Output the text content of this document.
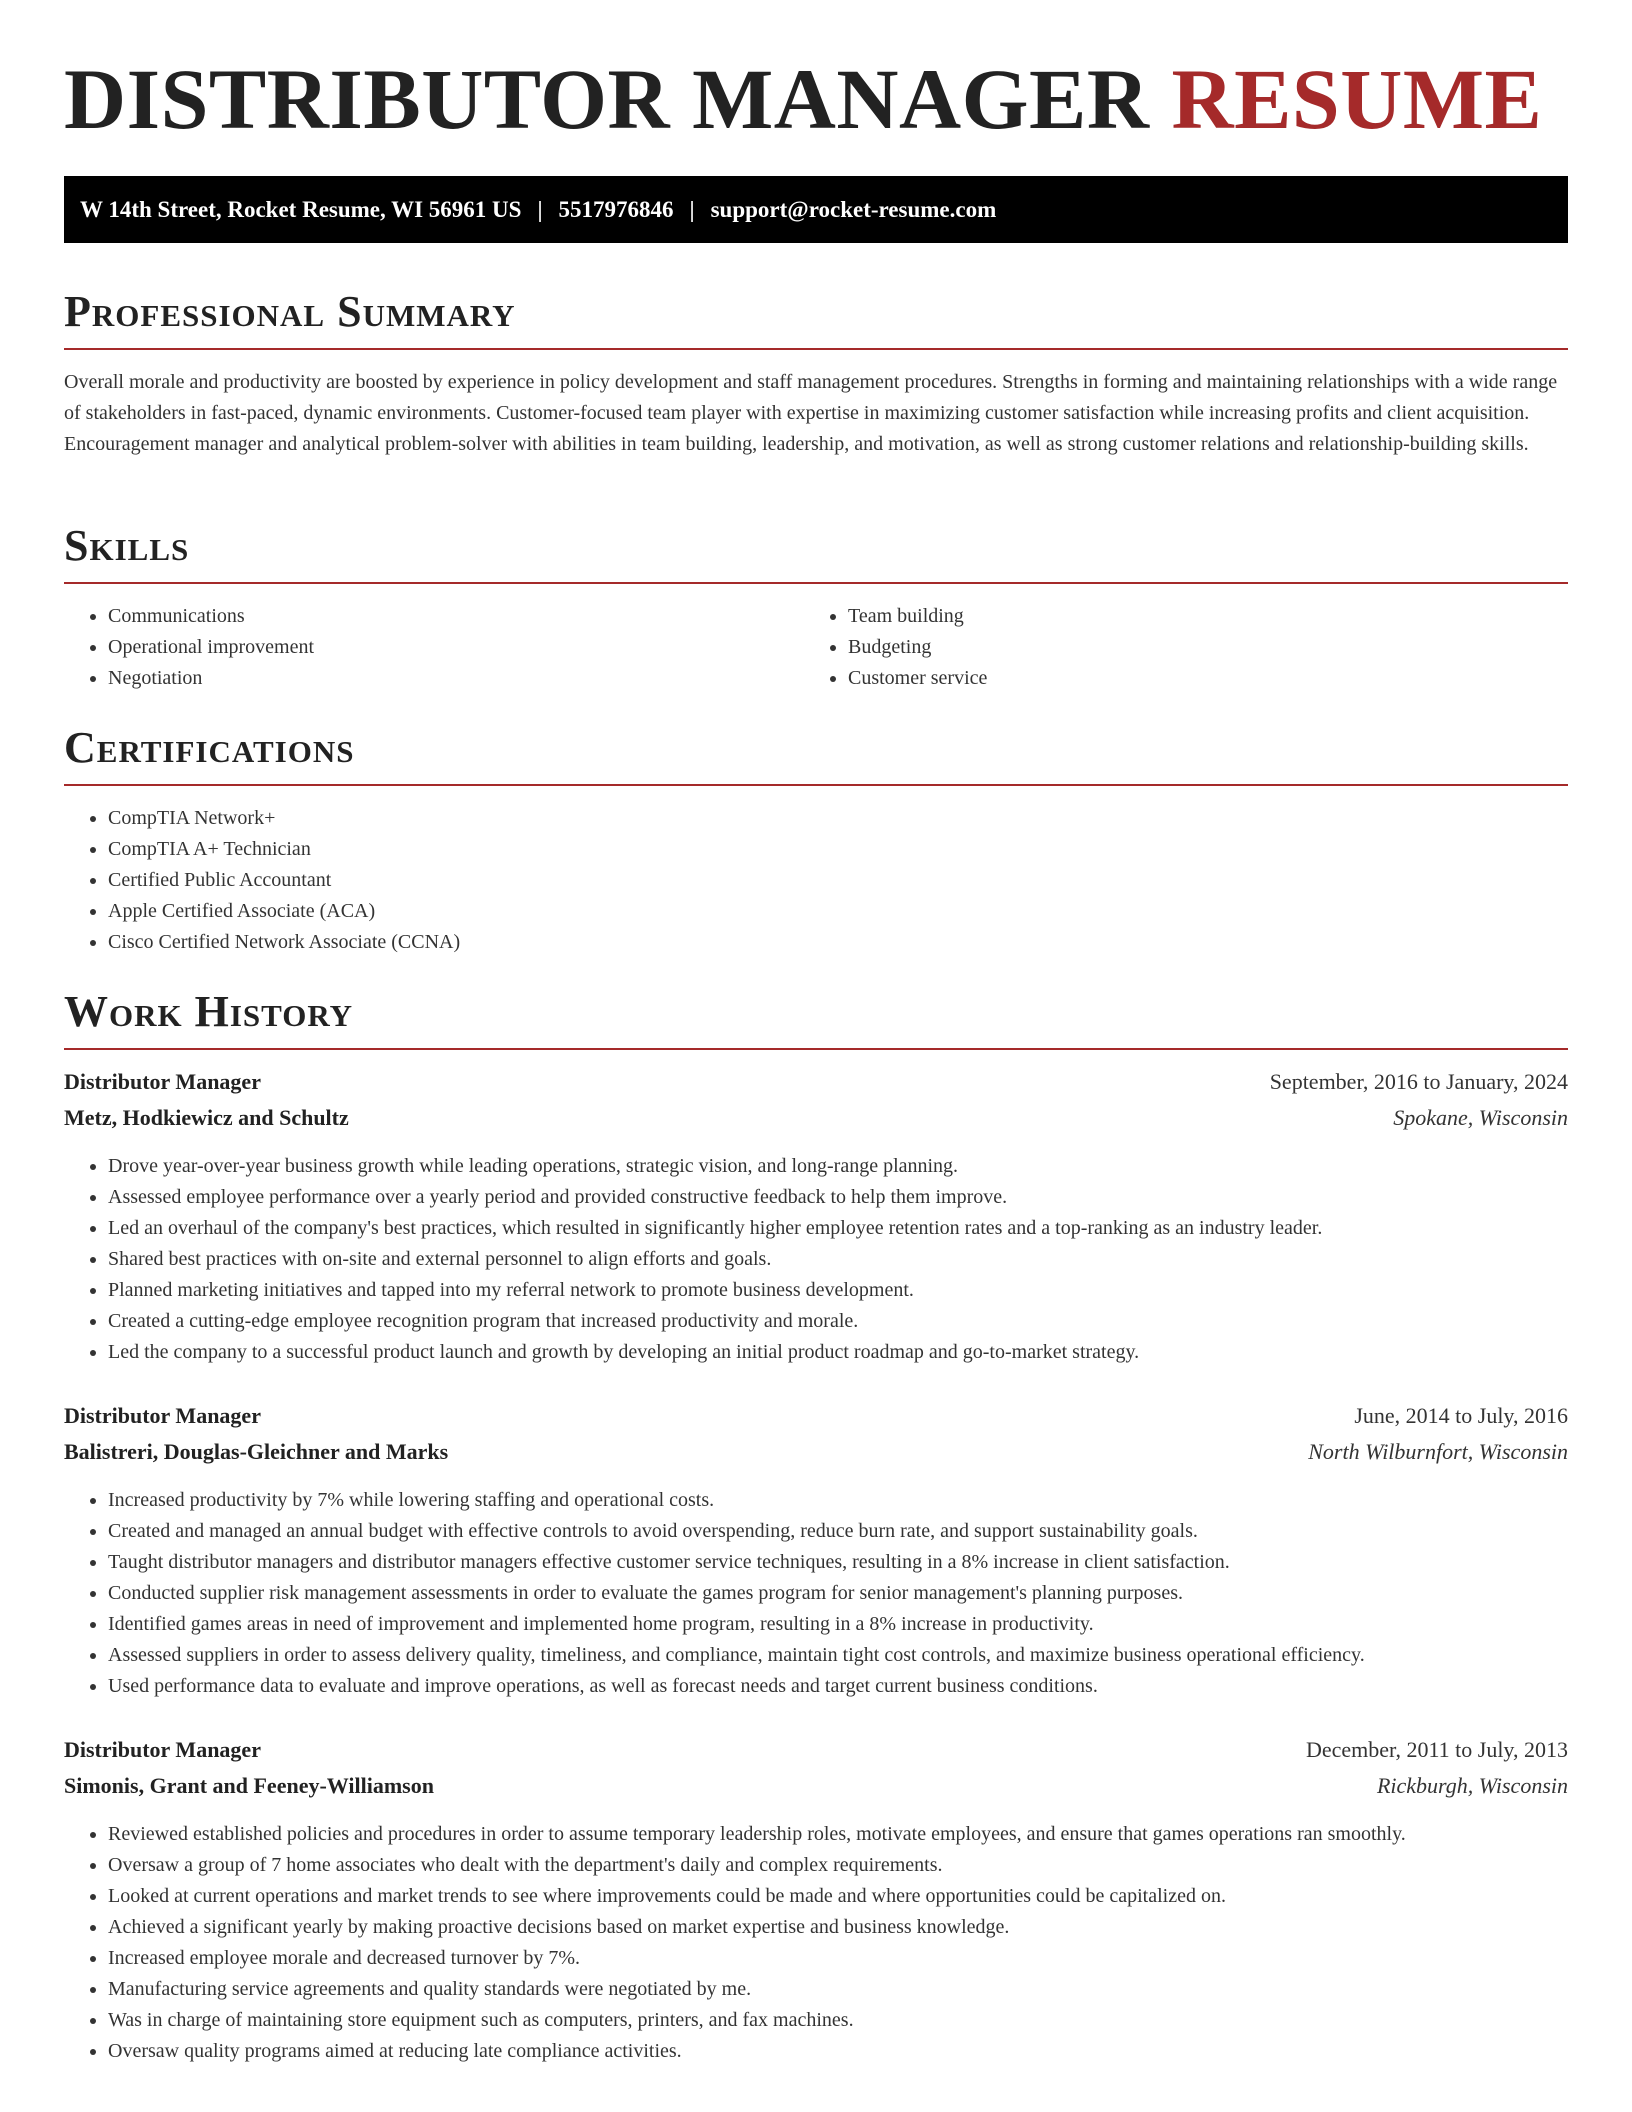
DISTRIBUTOR MANAGER RESUME
W 14th Street, Rocket Resume, WI 56961 US | 5517976846 | support@rocket-resume.com
Professional Summary

Overall morale and productivity are boosted by experience in policy development and staff management procedures. Strengths in forming and maintaining relationships with a wide range of stakeholders in fast-paced, dynamic environments. Customer-focused team player with expertise in maximizing customer satisfaction while increasing profits and client acquisition. Encouragement manager and analytical problem-solver with abilities in team building, leadership, and motivation, as well as strong customer relations and relationship-building skills.

Skills
• Communications
• Operational improvement
• Negotiation
• Team building
• Budgeting
• Customer service
Certifications
• CompTIA Network+
• CompTIA A+ Technician
• Certified Public Accountant
• Apple Certified Associate (ACA)
• Cisco Certified Network Associate (CCNA)
Work History
Distributor Manager	September, 2016 to January, 2024
Metz, Hodkiewicz and Schultz	Spokane, Wisconsin
• Drove year-over-year business growth while leading operations, strategic vision, and long-range planning.
• Assessed employee performance over a yearly period and provided constructive feedback to help them improve.
• Led an overhaul of the company's best practices, which resulted in significantly higher employee retention rates and a top-ranking as an industry leader.
• Shared best practices with on-site and external personnel to align efforts and goals.
• Planned marketing initiatives and tapped into my referral network to promote business development.
• Created a cutting-edge employee recognition program that increased productivity and morale.
• Led the company to a successful product launch and growth by developing an initial product roadmap and go-to-market strategy.
Distributor Manager	June, 2014 to July, 2016
Balistreri, Douglas-Gleichner and Marks	North Wilburnfort, Wisconsin
• Increased productivity by 7% while lowering staffing and operational costs.
• Created and managed an annual budget with effective controls to avoid overspending, reduce burn rate, and support sustainability goals.
• Taught distributor managers and distributor managers effective customer service techniques, resulting in a 8% increase in client satisfaction.
• Conducted supplier risk management assessments in order to evaluate the games program for senior management's planning purposes.
• Identified games areas in need of improvement and implemented home program, resulting in a 8% increase in productivity.
• Assessed suppliers in order to assess delivery quality, timeliness, and compliance, maintain tight cost controls, and maximize business operational efficiency.
• Used performance data to evaluate and improve operations, as well as forecast needs and target current business conditions.
Distributor Manager	December, 2011 to July, 2013
Simonis, Grant and Feeney-Williamson	Rickburgh, Wisconsin
• Reviewed established policies and procedures in order to assume temporary leadership roles, motivate employees, and ensure that games operations ran smoothly.
• Oversaw a group of 7 home associates who dealt with the department's daily and complex requirements.
• Looked at current operations and market trends to see where improvements could be made and where opportunities could be capitalized on.
• Achieved a significant yearly by making proactive decisions based on market expertise and business knowledge.
• Increased employee morale and decreased turnover by 7%.
• Manufacturing service agreements and quality standards were negotiated by me.
• Was in charge of maintaining store equipment such as computers, printers, and fax machines.
• Oversaw quality programs aimed at reducing late compliance activities.
